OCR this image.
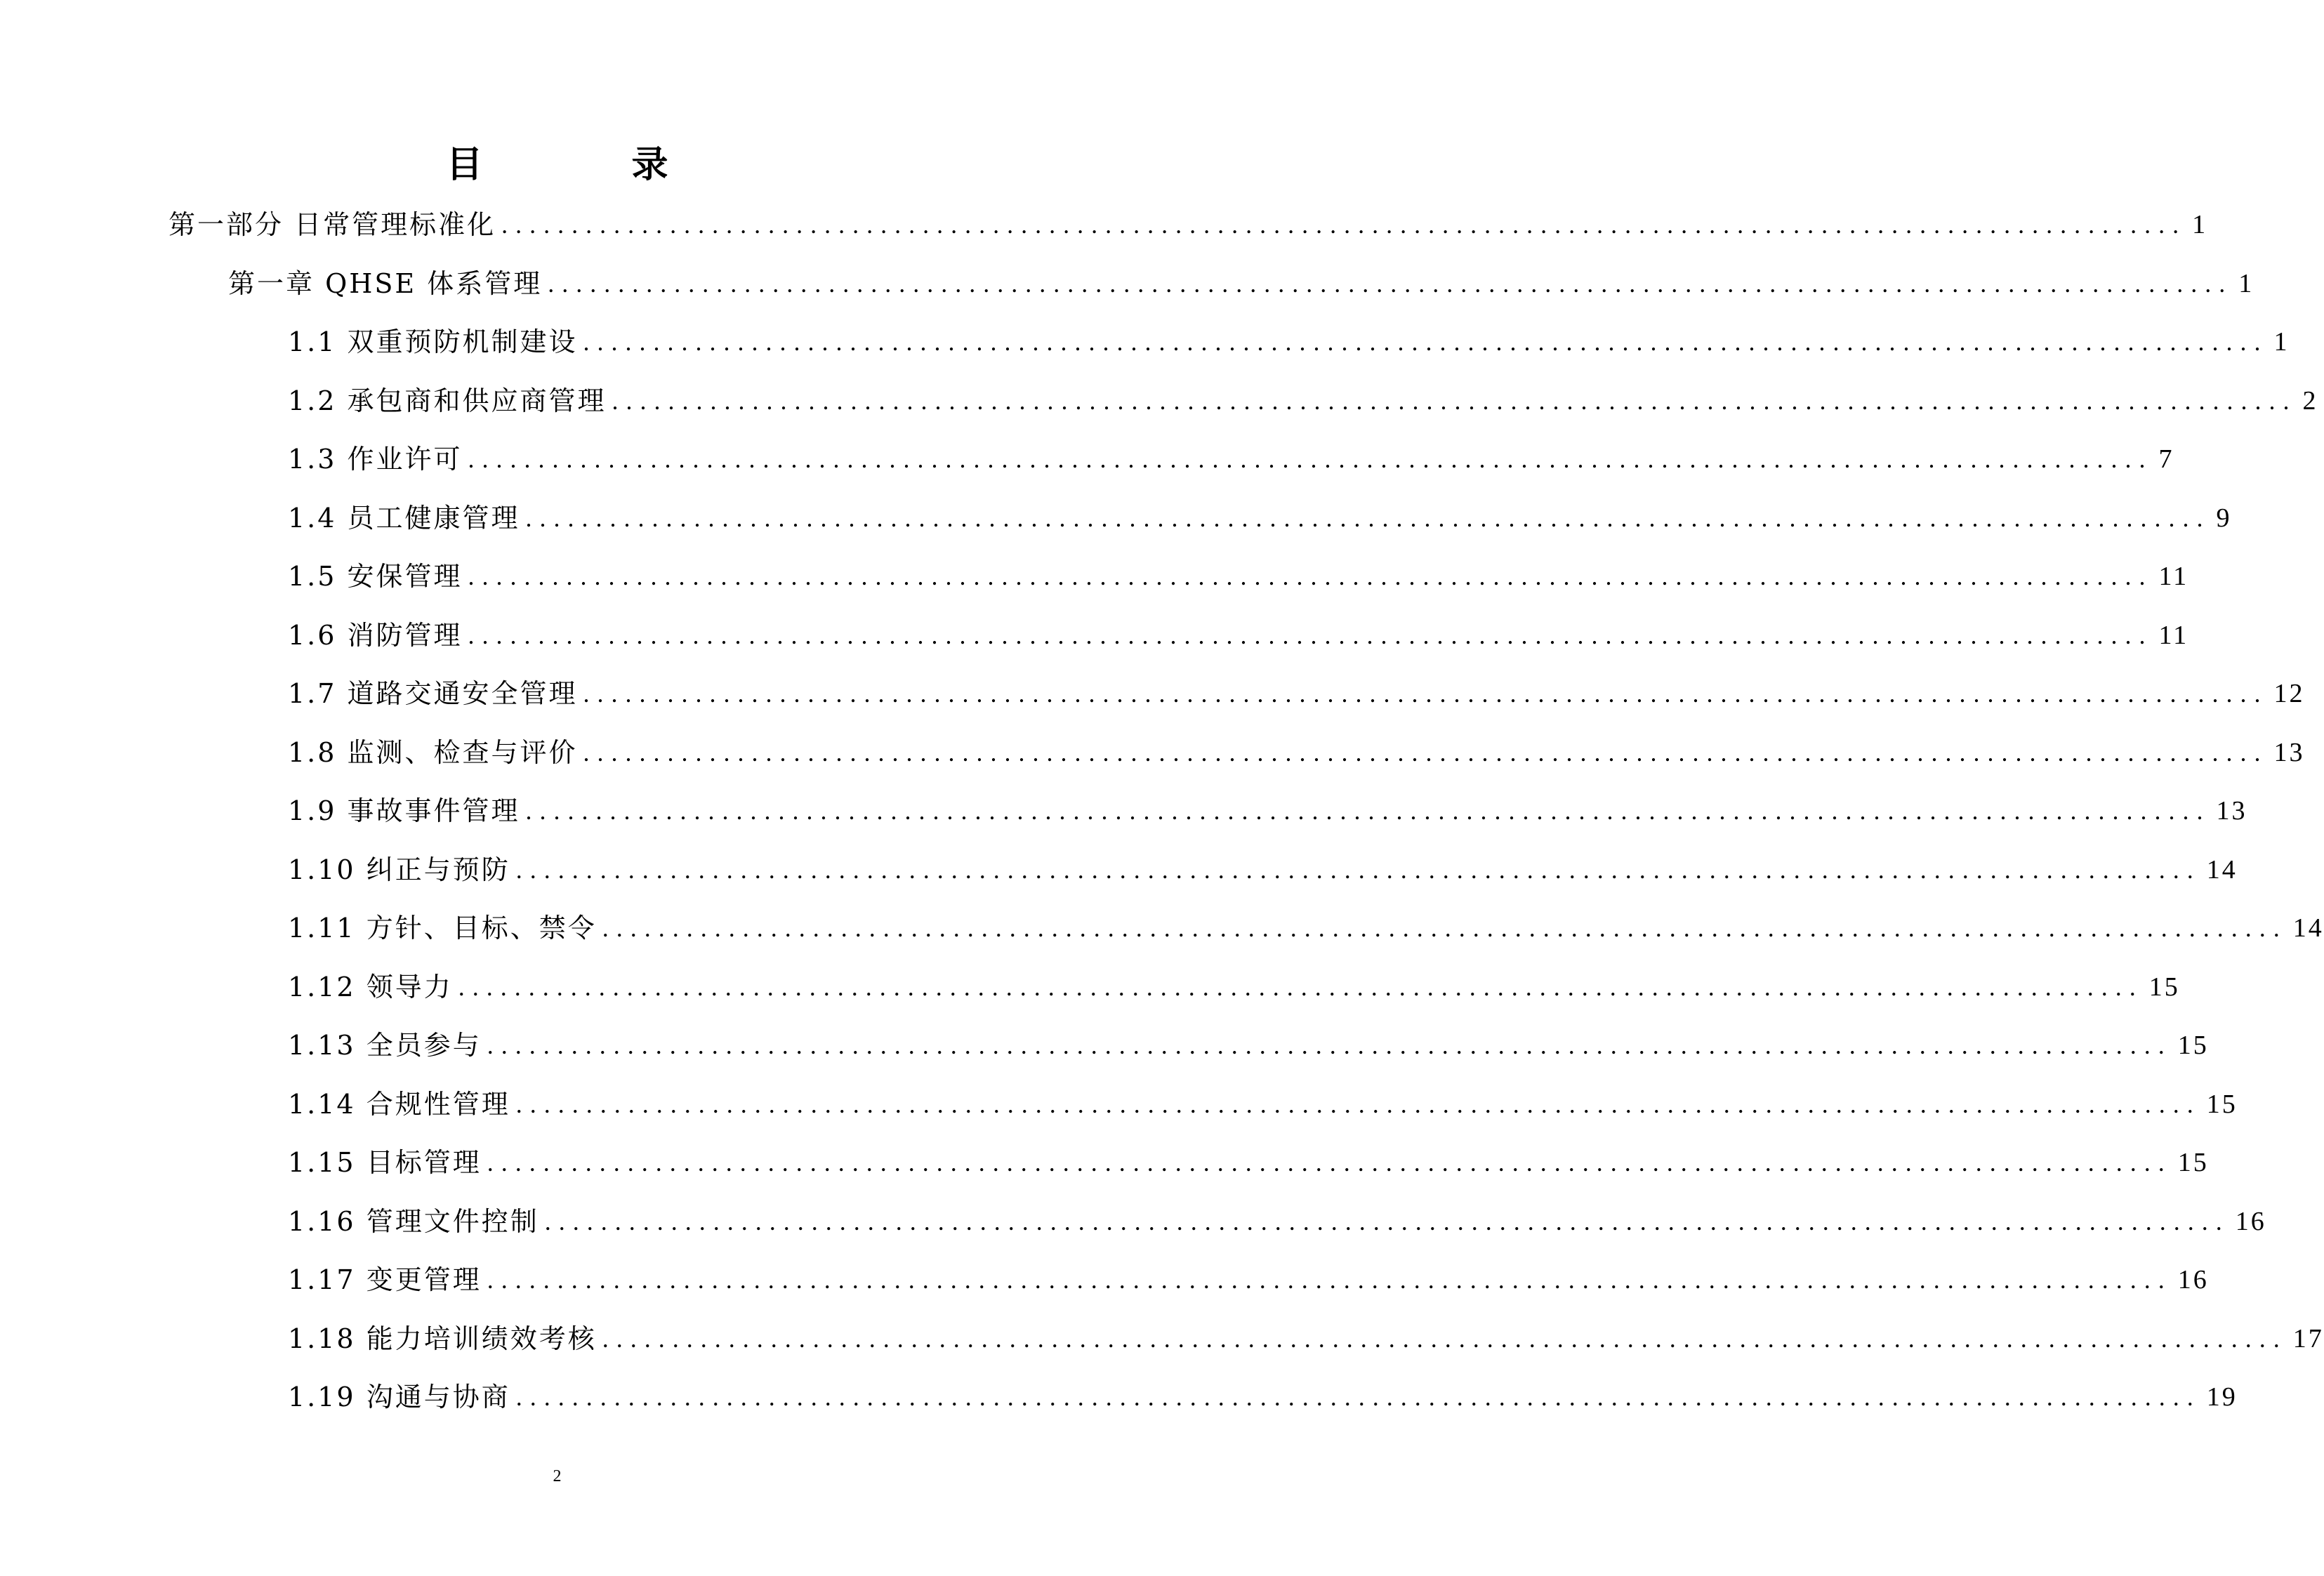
目　录
第一部分 日常管理标准化 ........................................................................................................................ 1
第一章 QHSE 体系管理 ........................................................................................................................ 1
1.1 双重预防机制建设 ........................................................................................................................ 1
1.2 承包商和供应商管理 ........................................................................................................................ 2
1.3 作业许可 ........................................................................................................................ 7
1.4 员工健康管理 ........................................................................................................................ 9
1.5 安保管理 ........................................................................................................................ 11
1.6 消防管理 ........................................................................................................................ 11
1.7 道路交通安全管理 ........................................................................................................................ 12
1.8 监测、检查与评价 ........................................................................................................................ 13
1.9 事故事件管理 ........................................................................................................................ 13
1.10 纠正与预防 ........................................................................................................................ 14
1.11 方针、目标、禁令 ........................................................................................................................ 14
1.12 领导力 ........................................................................................................................ 15
1.13 全员参与 ........................................................................................................................ 15
1.14 合规性管理 ........................................................................................................................ 15
1.15 目标管理 ........................................................................................................................ 15
1.16 管理文件控制 ........................................................................................................................ 16
1.17 变更管理 ........................................................................................................................ 16
1.18 能力培训绩效考核 ........................................................................................................................ 17
1.19 沟通与协商 ........................................................................................................................ 19
2
